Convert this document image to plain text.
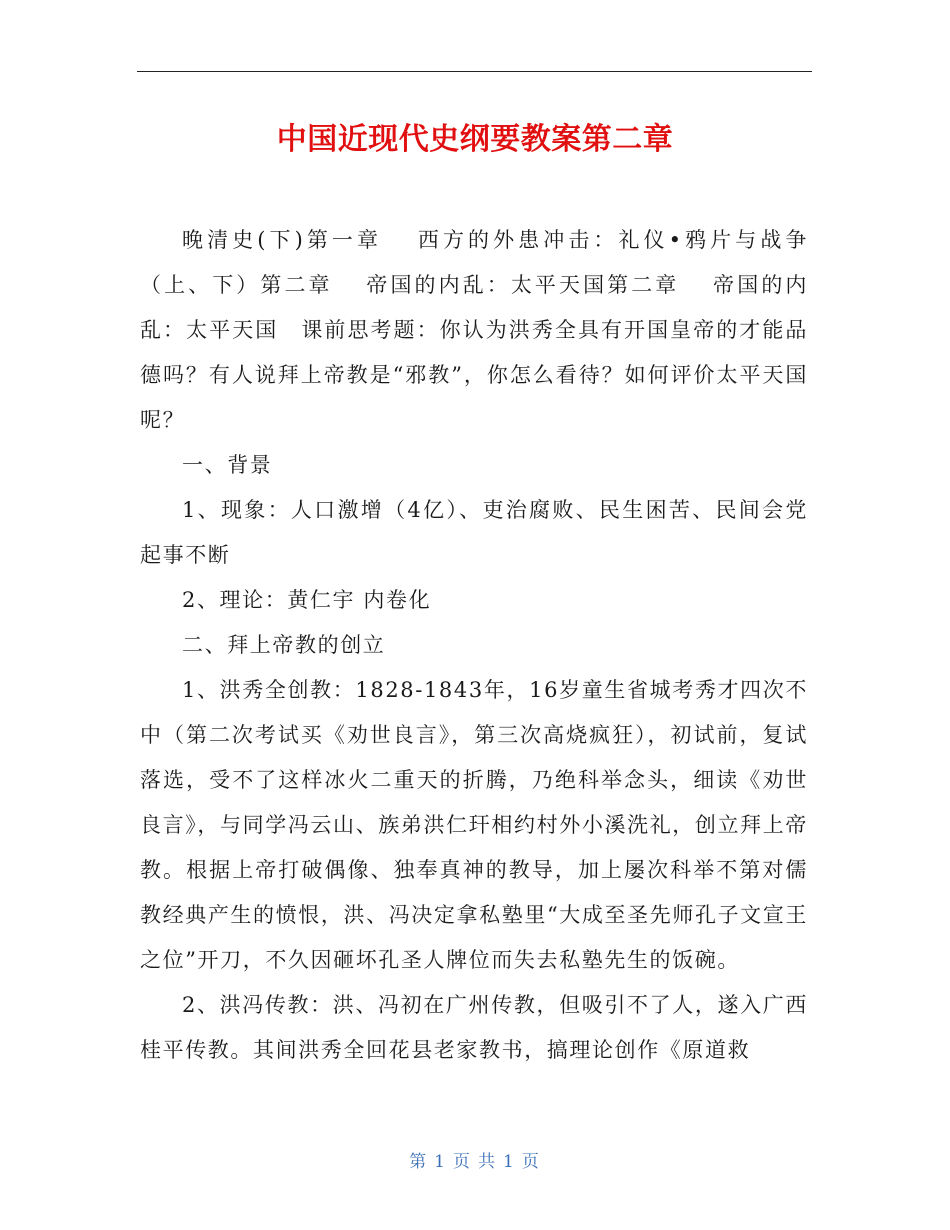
中国近现代史纲要教案第二章

晚清史(下)第一章　 西方的外患冲击：礼仪•鸦片与战争（上、下）第二章　 帝国的内乱：太平天国第二章　 帝国的内乱：太平天国　课前思考题：你认为洪秀全具有开国皇帝的才能品德吗？有人说拜上帝教是“邪教”，你怎么看待？如何评价太平天国呢？

一、背景

1、现象：人口激增（4亿）、吏治腐败、民生困苦、民间会党起事不断

2、理论：黄仁宇 内卷化

二、拜上帝教的创立

1、洪秀全创教：1828-1843年，16岁童生省城考秀才四次不中（第二次考试买《劝世良言》，第三次高烧疯狂），初试前，复试落选，受不了这样冰火二重天的折腾，乃绝科举念头，细读《劝世良言》，与同学冯云山、族弟洪仁玕相约村外小溪洗礼，创立拜上帝教。根据上帝打破偶像、独奉真神的教导，加上屡次科举不第对儒教经典产生的愤恨，洪、冯决定拿私塾里“大成至圣先师孔子文宣王之位”开刀，不久因砸坏孔圣人牌位而失去私塾先生的饭碗。

2、洪冯传教：洪、冯初在广州传教，但吸引不了人，遂入广西桂平传教。其间洪秀全回花县老家教书，搞理论创作《原道救

第 1 页 共 1 页
